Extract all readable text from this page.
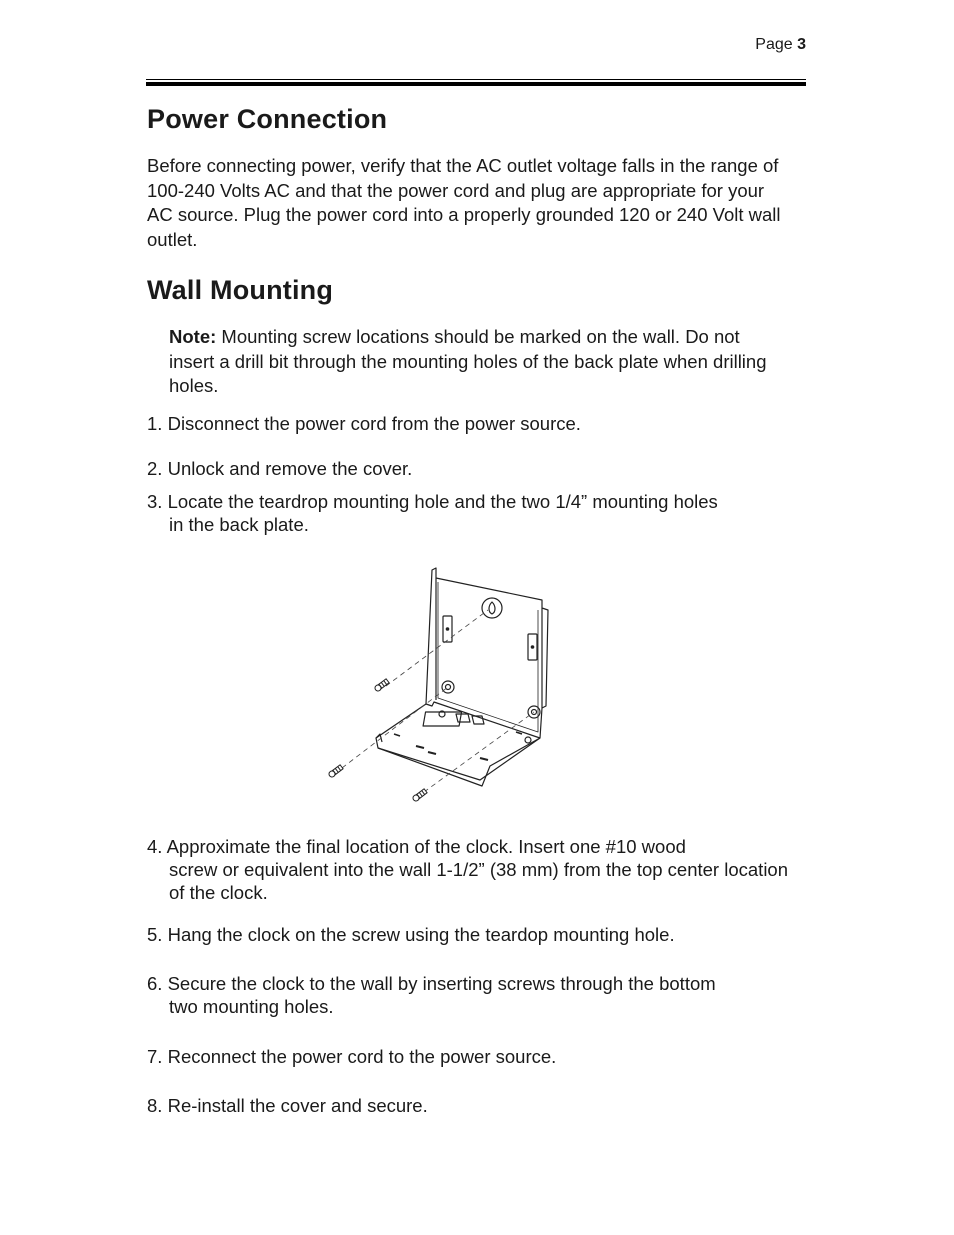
Page 3
Power Connection

Before connecting power, verify that the AC outlet voltage falls in the range of 100-240 Volts AC and that the power cord and plug are appropriate for your AC source. Plug the power cord into a properly grounded 120 or 240 Volt wall outlet.

Wall Mounting

Note: Mounting screw locations should be marked on the wall. Do not insert a drill bit through the mounting holes of the back plate when drilling holes.

1. Disconnect the power cord from the power source.
2. Unlock and remove the cover.
3. Locate the teardrop mounting hole and the two 1/4” mounting holes
in the back plate.
4. Approximate the final location of the clock. Insert one #10 wood
screw or equivalent into the wall 1-1/2” (38 mm) from the top center location of the clock.
5. Hang the clock on the screw using the teardop mounting hole.
6. Secure the clock to the wall by inserting screws through the bottom
two mounting holes.
7. Reconnect the power cord to the power source.
8. Re-install the cover and secure.
